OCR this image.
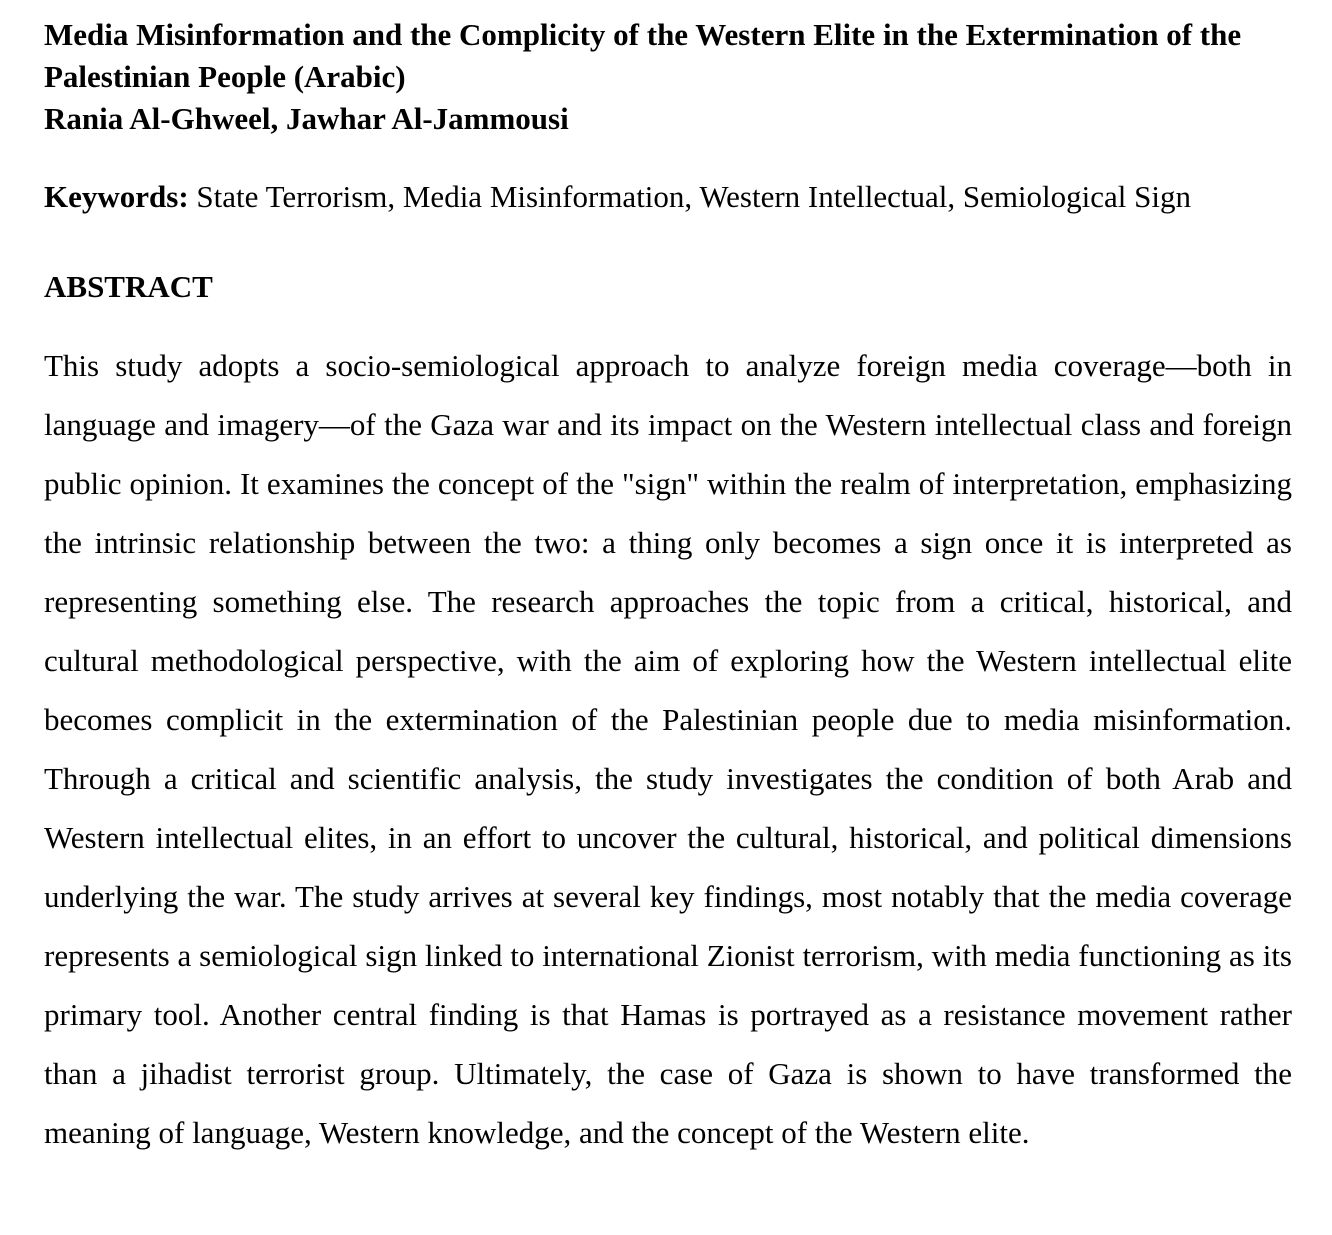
Media Misinformation and the Complicity of the Western Elite in the Extermination of the Palestinian People (Arabic)

Rania Al-Ghweel, Jawhar Al-Jammousi

Keywords: State Terrorism, Media Misinformation, Western Intellectual, Semiological Sign

ABSTRACT

This study adopts a socio-semiological approach to analyze foreign media coverage—both in language and imagery—of the Gaza war and its impact on the Western intellectual class and foreign public opinion. It examines the concept of the "sign" within the realm of interpretation, emphasizing the intrinsic relationship between the two: a thing only becomes a sign once it is interpreted as representing something else. The research approaches the topic from a critical, historical, and cultural methodological perspective, with the aim of exploring how the Western intellectual elite becomes complicit in the extermination of the Palestinian people due to media misinformation. Through a critical and scientific analysis, the study investigates the condition of both Arab and Western intellectual elites, in an effort to uncover the cultural, historical, and political dimensions underlying the war. The study arrives at several key findings, most notably that the media coverage represents a semiological sign linked to international Zionist terrorism, with media functioning as its primary tool. Another central finding is that Hamas is portrayed as a resistance movement rather than a jihadist terrorist group. Ultimately, the case of Gaza is shown to have transformed the meaning of language, Western knowledge, and the concept of the Western elite.
